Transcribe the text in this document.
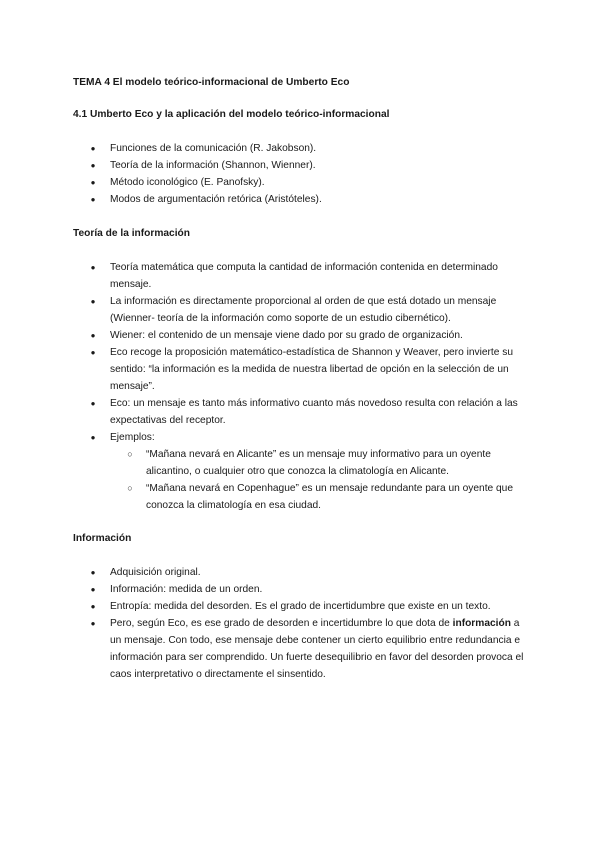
TEMA 4 El modelo teórico-informacional de Umberto Eco
4.1 Umberto Eco y la aplicación del modelo teórico-informacional
● Funciones de la comunicación (R. Jakobson).
● Teoría de la información (Shannon, Wienner).
● Método iconológico (E. Panofsky).
● Modos de argumentación retórica (Aristóteles).
Teoría de la información
● Teoría matemática que computa la cantidad de información contenida en determinado mensaje.
● La información es directamente proporcional al orden de que está dotado un mensaje (Wienner- teoría de la información como soporte de un estudio cibernético).
● Wiener: el contenido de un mensaje viene dado por su grado de organización.
● Eco recoge la proposición matemático-estadística de Shannon y Weaver, pero invierte su sentido: “la información es la medida de nuestra libertad de opción en la selección de un mensaje”.
● Eco: un mensaje es tanto más informativo cuanto más novedoso resulta con relación a las expectativas del receptor.
● Ejemplos:
○ “Mañana nevará en Alicante” es un mensaje muy informativo para un oyente alicantino, o cualquier otro que conozca la climatología en Alicante.
○ “Mañana nevará en Copenhague” es un mensaje redundante para un oyente que conozca la climatología en esa ciudad.
Información
● Adquisición original.
● Información: medida de un orden.
● Entropía: medida del desorden. Es el grado de incertidumbre que existe en un texto.
● Pero, según Eco, es ese grado de desorden e incertidumbre lo que dota de información a un mensaje. Con todo, ese mensaje debe contener un cierto equilibrio entre redundancia e información para ser comprendido. Un fuerte desequilibrio en favor del desorden provoca el caos interpretativo o directamente el sinsentido.
